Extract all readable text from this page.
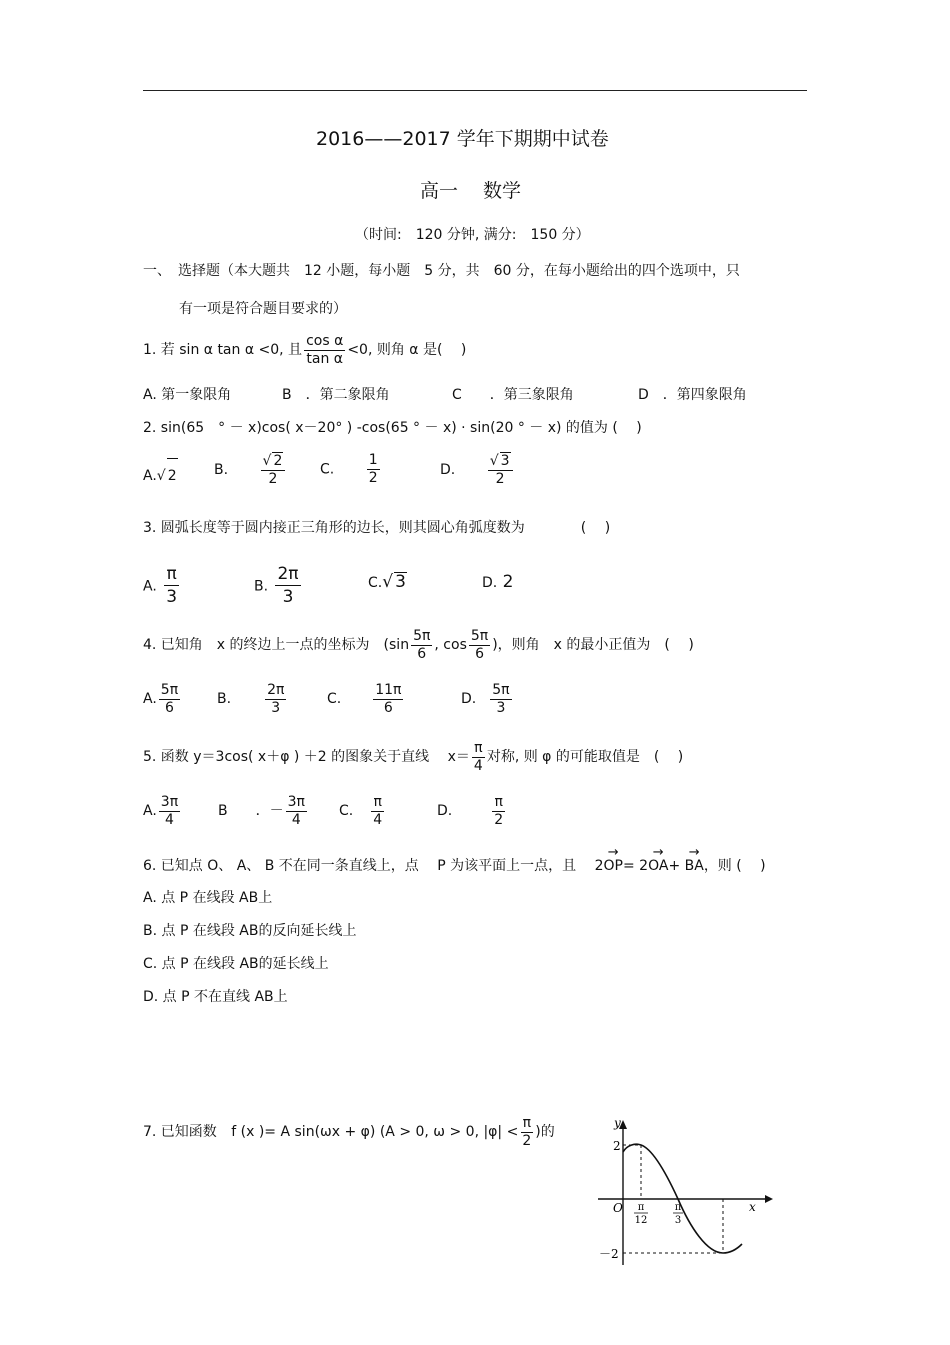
2016——2017 学年下期期中试卷
高一　 数学
（时间:　120 分钟, 满分:　150 分）
一、　选择题（本大题共　12 小题，每小题　5 分，共　60 分，在每小题给出的四个选项中，只
有一项是符合题目要求的）
1. 若 sin α tan α <0, 且 $\frac{\text{cos α}}{\text{tan α}} <0$, 则角 α 是(　 )
A. 第一象限角	B　．第二象限角	C　　．第三象限角	D　．第四象限角
2. sin(65　° － x)cos( x－20° ) -cos(65 ° － x) · sin(20 ° － x) 的值为 (　 )
A.√ 2	B. $\frac{√ 2}{2} C$. $\frac{1}{2}$	D. $\frac{√ 3}{2}$
3. 圆弧长度等于圆内接正三角形的边长，则其圆心角弧度数为　　　　(　 )
A. $\frac{\pi}{3}$	B. $\frac{2\pi}{3}$	C.√ 3	D. 2
4. 已知角　x 的终边上一点的坐标为　($\sin \frac{5\pi}{6}$ , $\cos \frac{5\pi}{6}$ )，则角　x 的最小正值为　(　 )
A. $\frac{5\pi}{6}$	B. $\frac{2\pi}{3}$	C. $\frac{11\pi}{6}$	D. $\frac{5\pi}{3}$
5. 函数 y＝3cos( x＋φ ) ＋2 的图象关于直线　 $x= \frac{\pi}{4}$ 对称, 则 φ 的可能取值是　(　 )
A. $\frac{3\pi}{4}$	B　　．－ $\frac{3\pi}{4} C$. $\frac{\pi}{4}$	D.	$\frac{\pi}{2}$
6. 已知点 O、 A、 B 不在同一条直线上，点　 P 为该平面上一点，且　 2→ OP= 2→ OA+ → BA，则 (　 )
A. 点 P 在线段 AB上
B. 点 P 在线段 AB的反向延长线上
C. 点 P 在线段 AB的延长线上
D. 点 P 不在直线 AB上
7. 已知函数 f (x )= A sin(ωx + φ) (A > 0, ω > 0, $|\varphi| < \frac{\pi}{2}$ )的
y
x
O
2
－2
π
12
π
3
